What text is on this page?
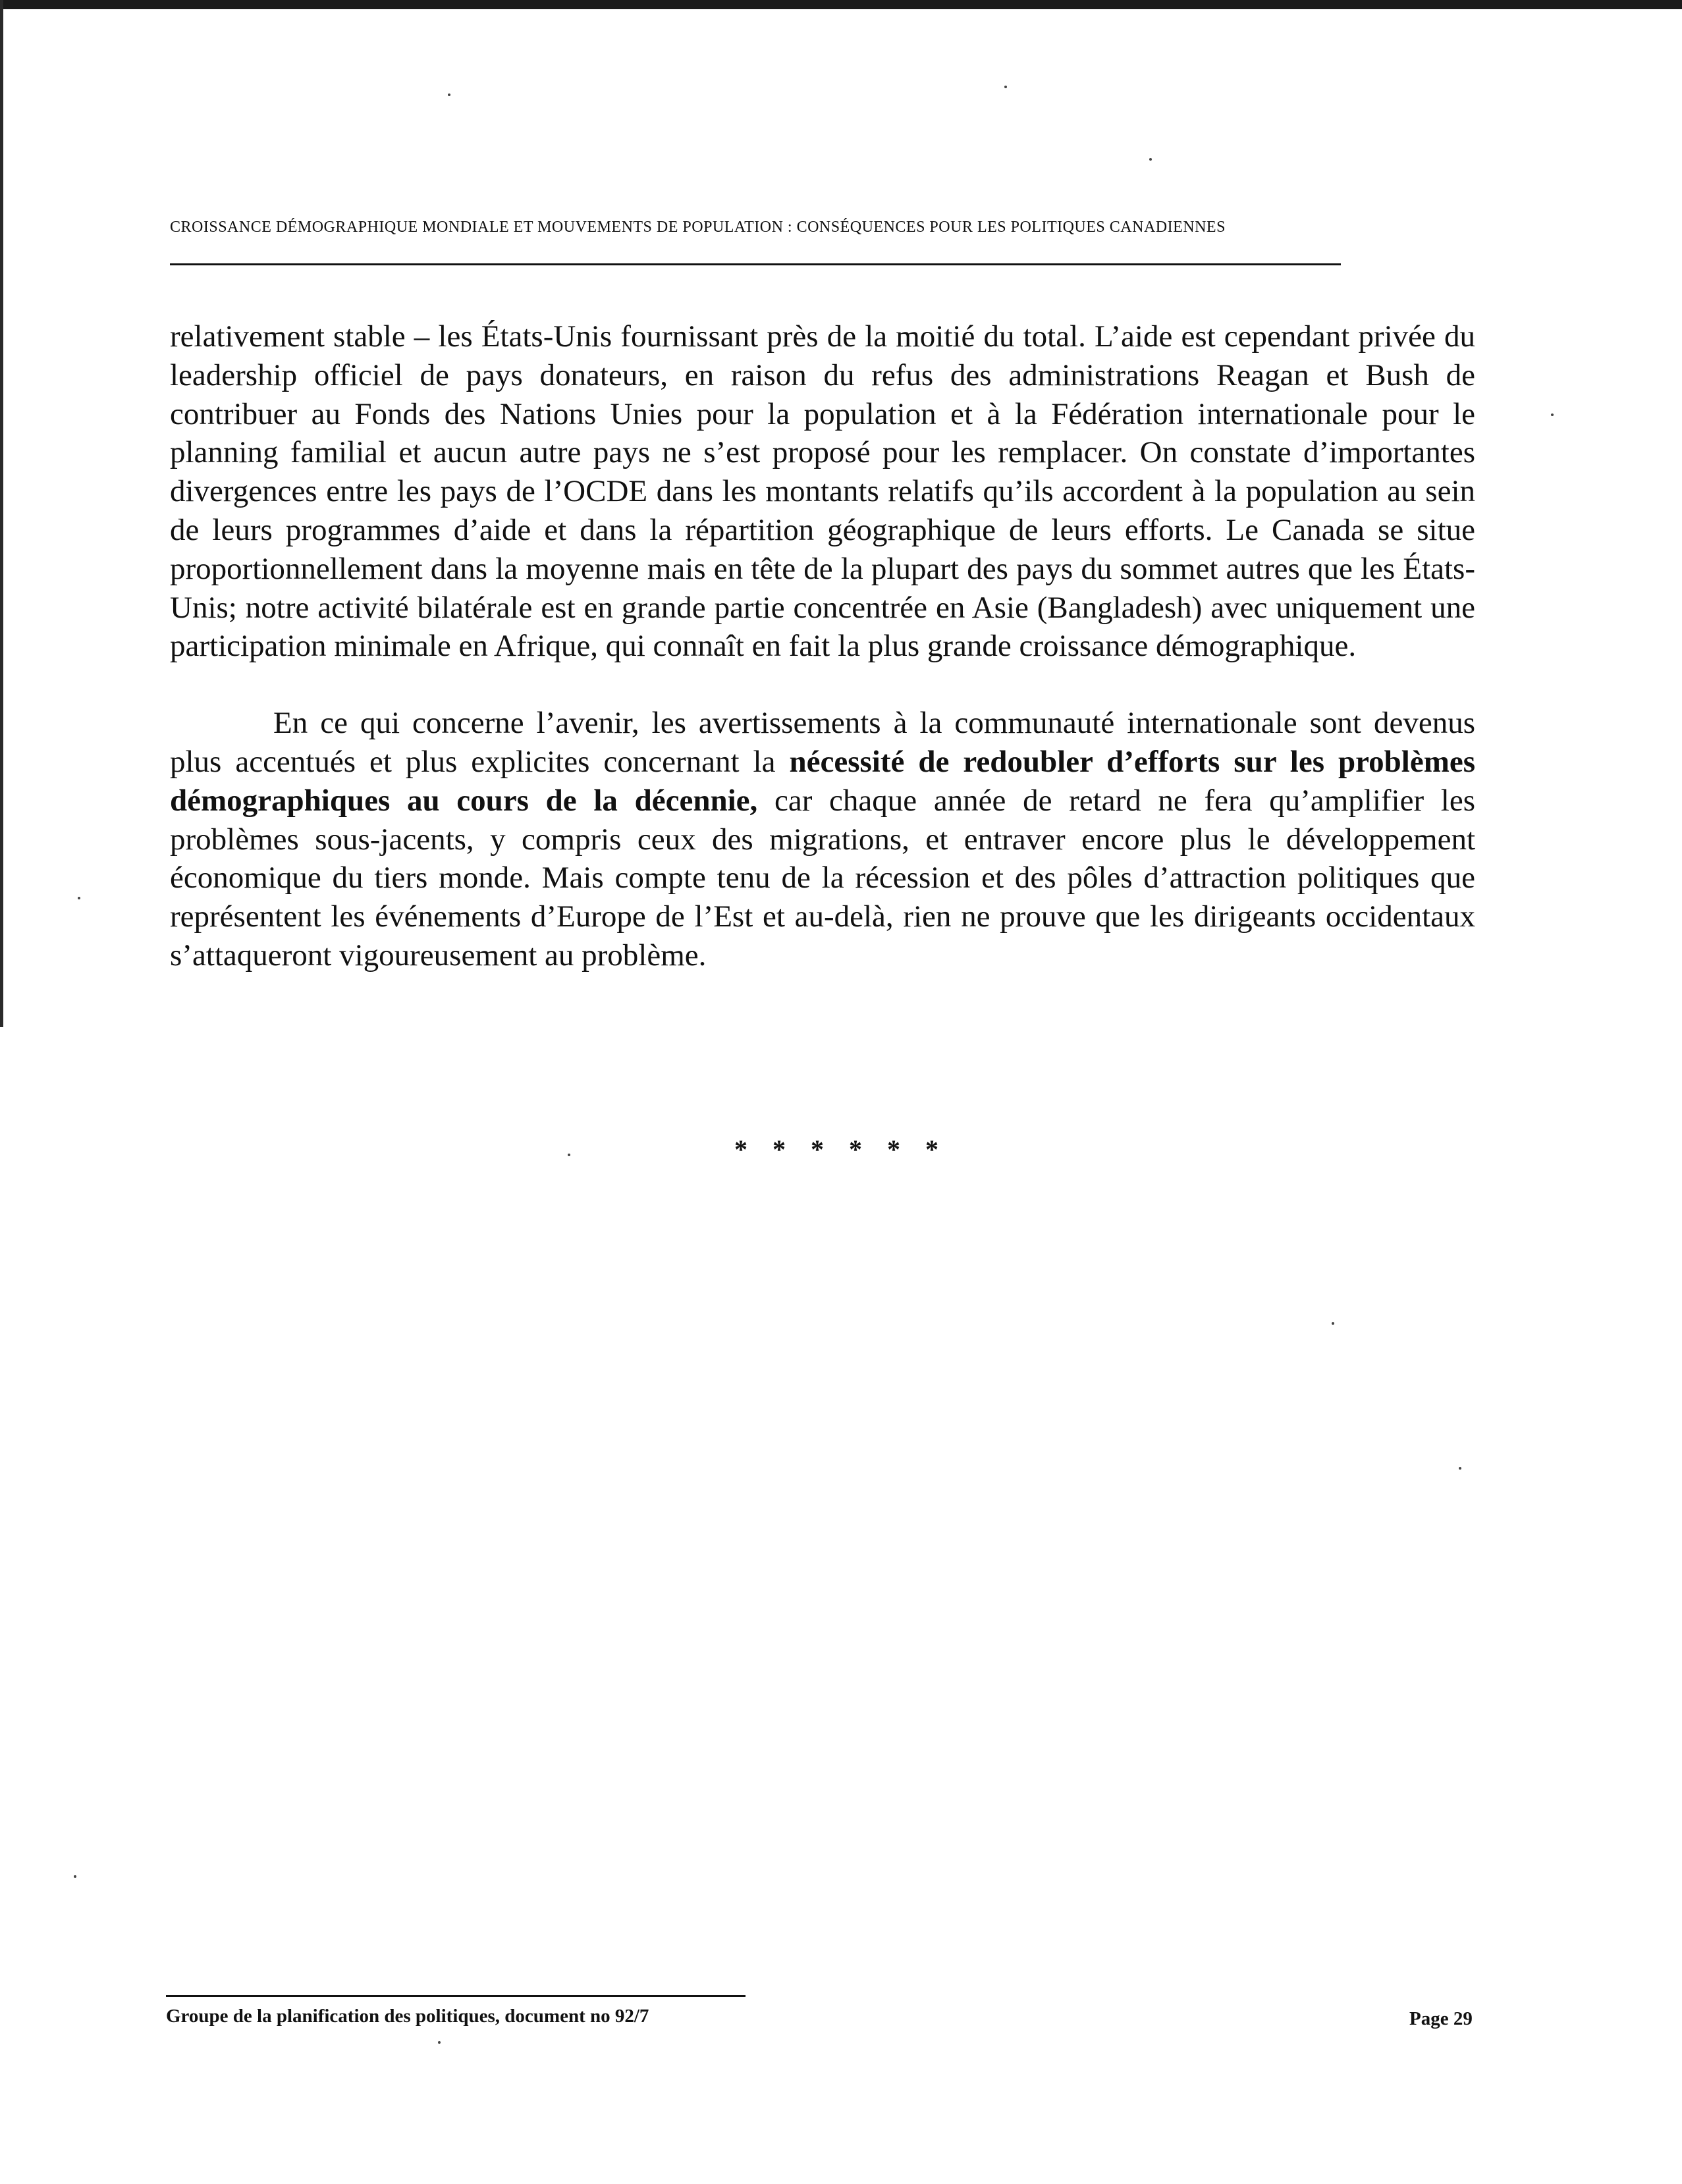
CROISSANCE DÉMOGRAPHIQUE MONDIALE ET MOUVEMENTS DE POPULATION : CONSÉQUENCES POUR LES POLITIQUES CANADIENNES

relativement stable – les États-Unis fournissant près de la moitié du total. L’aide est cependant privée du leadership officiel de pays donateurs, en raison du refus des administrations Reagan et Bush de contribuer au Fonds des Nations Unies pour la population et à la Fédération internationale pour le planning familial et aucun autre pays ne s’est proposé pour les remplacer. On constate d’importantes divergences entre les pays de l’OCDE dans les montants relatifs qu’ils accordent à la population au sein de leurs programmes d’aide et dans la répartition géographique de leurs efforts. Le Canada se situe proportionnellement dans la moyenne mais en tête de la plupart des pays du sommet autres que les États-Unis; notre activité bilatérale est en grande partie concentrée en Asie (Bangladesh) avec uniquement une participation minimale en Afrique, qui connaît en fait la plus grande croissance démographique.

En ce qui concerne l’avenir, les avertissements à la communauté internationale sont devenus plus accentués et plus explicites concernant la nécessité de redoubler d’efforts sur les problèmes démographiques au cours de la décennie, car chaque année de retard ne fera qu’amplifier les problèmes sous-jacents, y compris ceux des migrations, et entraver encore plus le développement économique du tiers monde. Mais compte tenu de la récession et des pôles d’attraction politiques que représentent les événements d’Europe de l’Est et au-delà, rien ne prouve que les dirigeants occidentaux s’attaqueront vigoureusement au problème.

* * * * * *
Groupe de la planification des politiques, document no 92/7	Page 29
